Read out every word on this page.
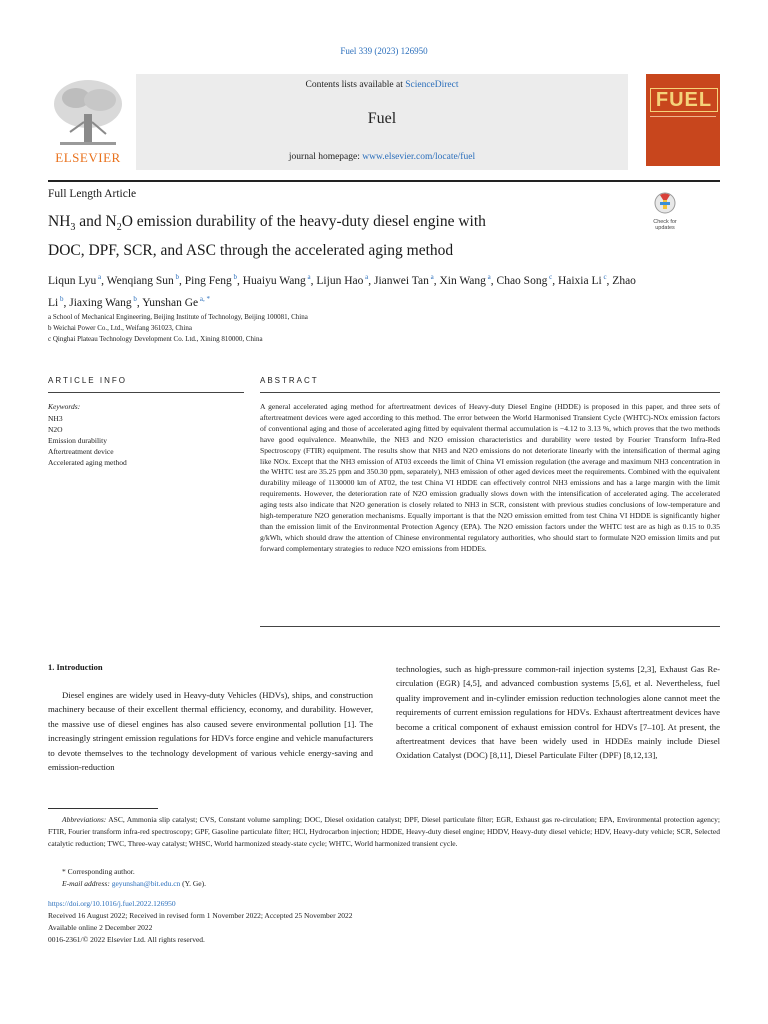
Fuel 339 (2023) 126950
ELSEVIER
Contents lists available at ScienceDirect
Fuel
journal homepage: www.elsevier.com/locate/fuel
FUEL
Full Length Article
$NH_3$ and $N_2O$ emission durability of the heavy-duty diesel engine with
DOC, DPF, SCR, and ASC through the accelerated aging method
Check for updates
Liqun Lyu $^a$, Wenqiang Sun $^b$, Ping Feng $^b$, Huaiyu Wang $^a$, Lijun Hao $^a$, Jianwei Tan $^a$, Xin Wang $^a$, Chao Song $^c$, Haixia Li $^c$, Zhao Li $^b$, Jiaxing Wang $^b$, Yunshan Ge $^{a, *}$
a School of Mechanical Engineering, Beijing Institute of Technology, Beijing 100081, China
b Weichai Power Co., Ltd., Weifang 361023, China
c Qinghai Plateau Technology Development Co. Ltd., Xining 810000, China
ARTICLE INFO
Keywords:
NH3
N2O
Emission durability
Aftertreatment device
Accelerated aging method
ABSTRACT
A general accelerated aging method for aftertreatment devices of Heavy-duty Diesel Engine (HDDE) is proposed in this paper, and three sets of aftertreatment devices were aged according to this method. The error between the World Harmonised Transient Cycle (WHTC)-NOx emission factors of conventional aging and those of accelerated aging fitted by equivalent thermal accumulation is −4.12 to 3.13 %, which proves that the two methods have good equivalence. Meanwhile, the NH3 and N2O emission characteristics and durability were tested by Fourier Transform Infra-Red Spectroscopy (FTIR) equipment. The results show that NH3 and N2O emissions do not deteriorate linearly with the intensification of thermal aging like NOx. Except that the NH3 emission of AT03 exceeds the limit of China VI emission regulation (the average and maximum NH3 concentration in the WHTC test are 35.25 ppm and 350.30 ppm, separately), NH3 emission of other aged devices meet the requirements. Combined with the equivalent durability mileage of 1130000 km of AT02, the test China VI HDDE can effectively control NH3 emissions and has a large margin with the limit requirements. However, the deterioration rate of N2O emission gradually slows down with the intensification of accelerated aging. The accelerated aging tests also indicate that N2O generation is closely related to NH3 in SCR, consistent with previous studies conclusions of low-temperature and high-temperature N2O generation mechanisms. Equally important is that the N2O emission emitted from test China VI HDDE is significantly higher than the emission limit of the Environmental Protection Agency (EPA). The N2O emission factors under the WHTC test are as high as 0.15 to 0.35 g/kWh, which should draw the attention of Chinese environmental regulatory authorities, who should start to formulate N2O emission limits and put forward complementary strategies to reduce N2O emissions from HDDEs.
1. Introduction
Diesel engines are widely used in Heavy-duty Vehicles (HDVs), ships, and construction machinery because of their excellent thermal efficiency, economy, and durability. However, the massive use of diesel engines has also caused severe environmental pollution [1]. The increasingly stringent emission regulations for HDVs force engine and vehicle manufacturers to devote themselves to the technology development of various vehicle energy-saving and emission-reduction
technologies, such as high-pressure common-rail injection systems [2,3], Exhaust Gas Re-circulation (EGR) [4,5], and advanced combustion systems [5,6], et al. Nevertheless, fuel quality improvement and in-cylinder emission reduction technologies alone cannot meet the requirements of current emission regulations for HDVs. Exhaust aftertreatment devices have become a critical component of exhaust emission control for HDVs [7–10]. At present, the aftertreatment devices that have been widely used in HDDEs mainly include Diesel Oxidation Catalyst (DOC) [8,11], Diesel Particulate Filter (DPF) [8,12,13],
Abbreviations: ASC, Ammonia slip catalyst; CVS, Constant volume sampling; DOC, Diesel oxidation catalyst; DPF, Diesel particulate filter; EGR, Exhaust gas re-circulation; EPA, Environmental protection agency; FTIR, Fourier transform infra-red spectroscopy; GPF, Gasoline particulate filter; HCl, Hydrocarbon injection; HDDE, Heavy-duty diesel engine; HDDV, Heavy-duty diesel vehicle; HDV, Heavy-duty vehicle; SCR, Selected catalytic reduction; TWC, Three-way catalyst; WHSC, World harmonized steady-state cycle; WHTC, World harmonized transient cycle.
* Corresponding author.
E-mail address: geyunshan@bit.edu.cn (Y. Ge).
https://doi.org/10.1016/j.fuel.2022.126950
Received 16 August 2022; Received in revised form 1 November 2022; Accepted 25 November 2022
Available online 2 December 2022
0016-2361/© 2022 Elsevier Ltd. All rights reserved.
